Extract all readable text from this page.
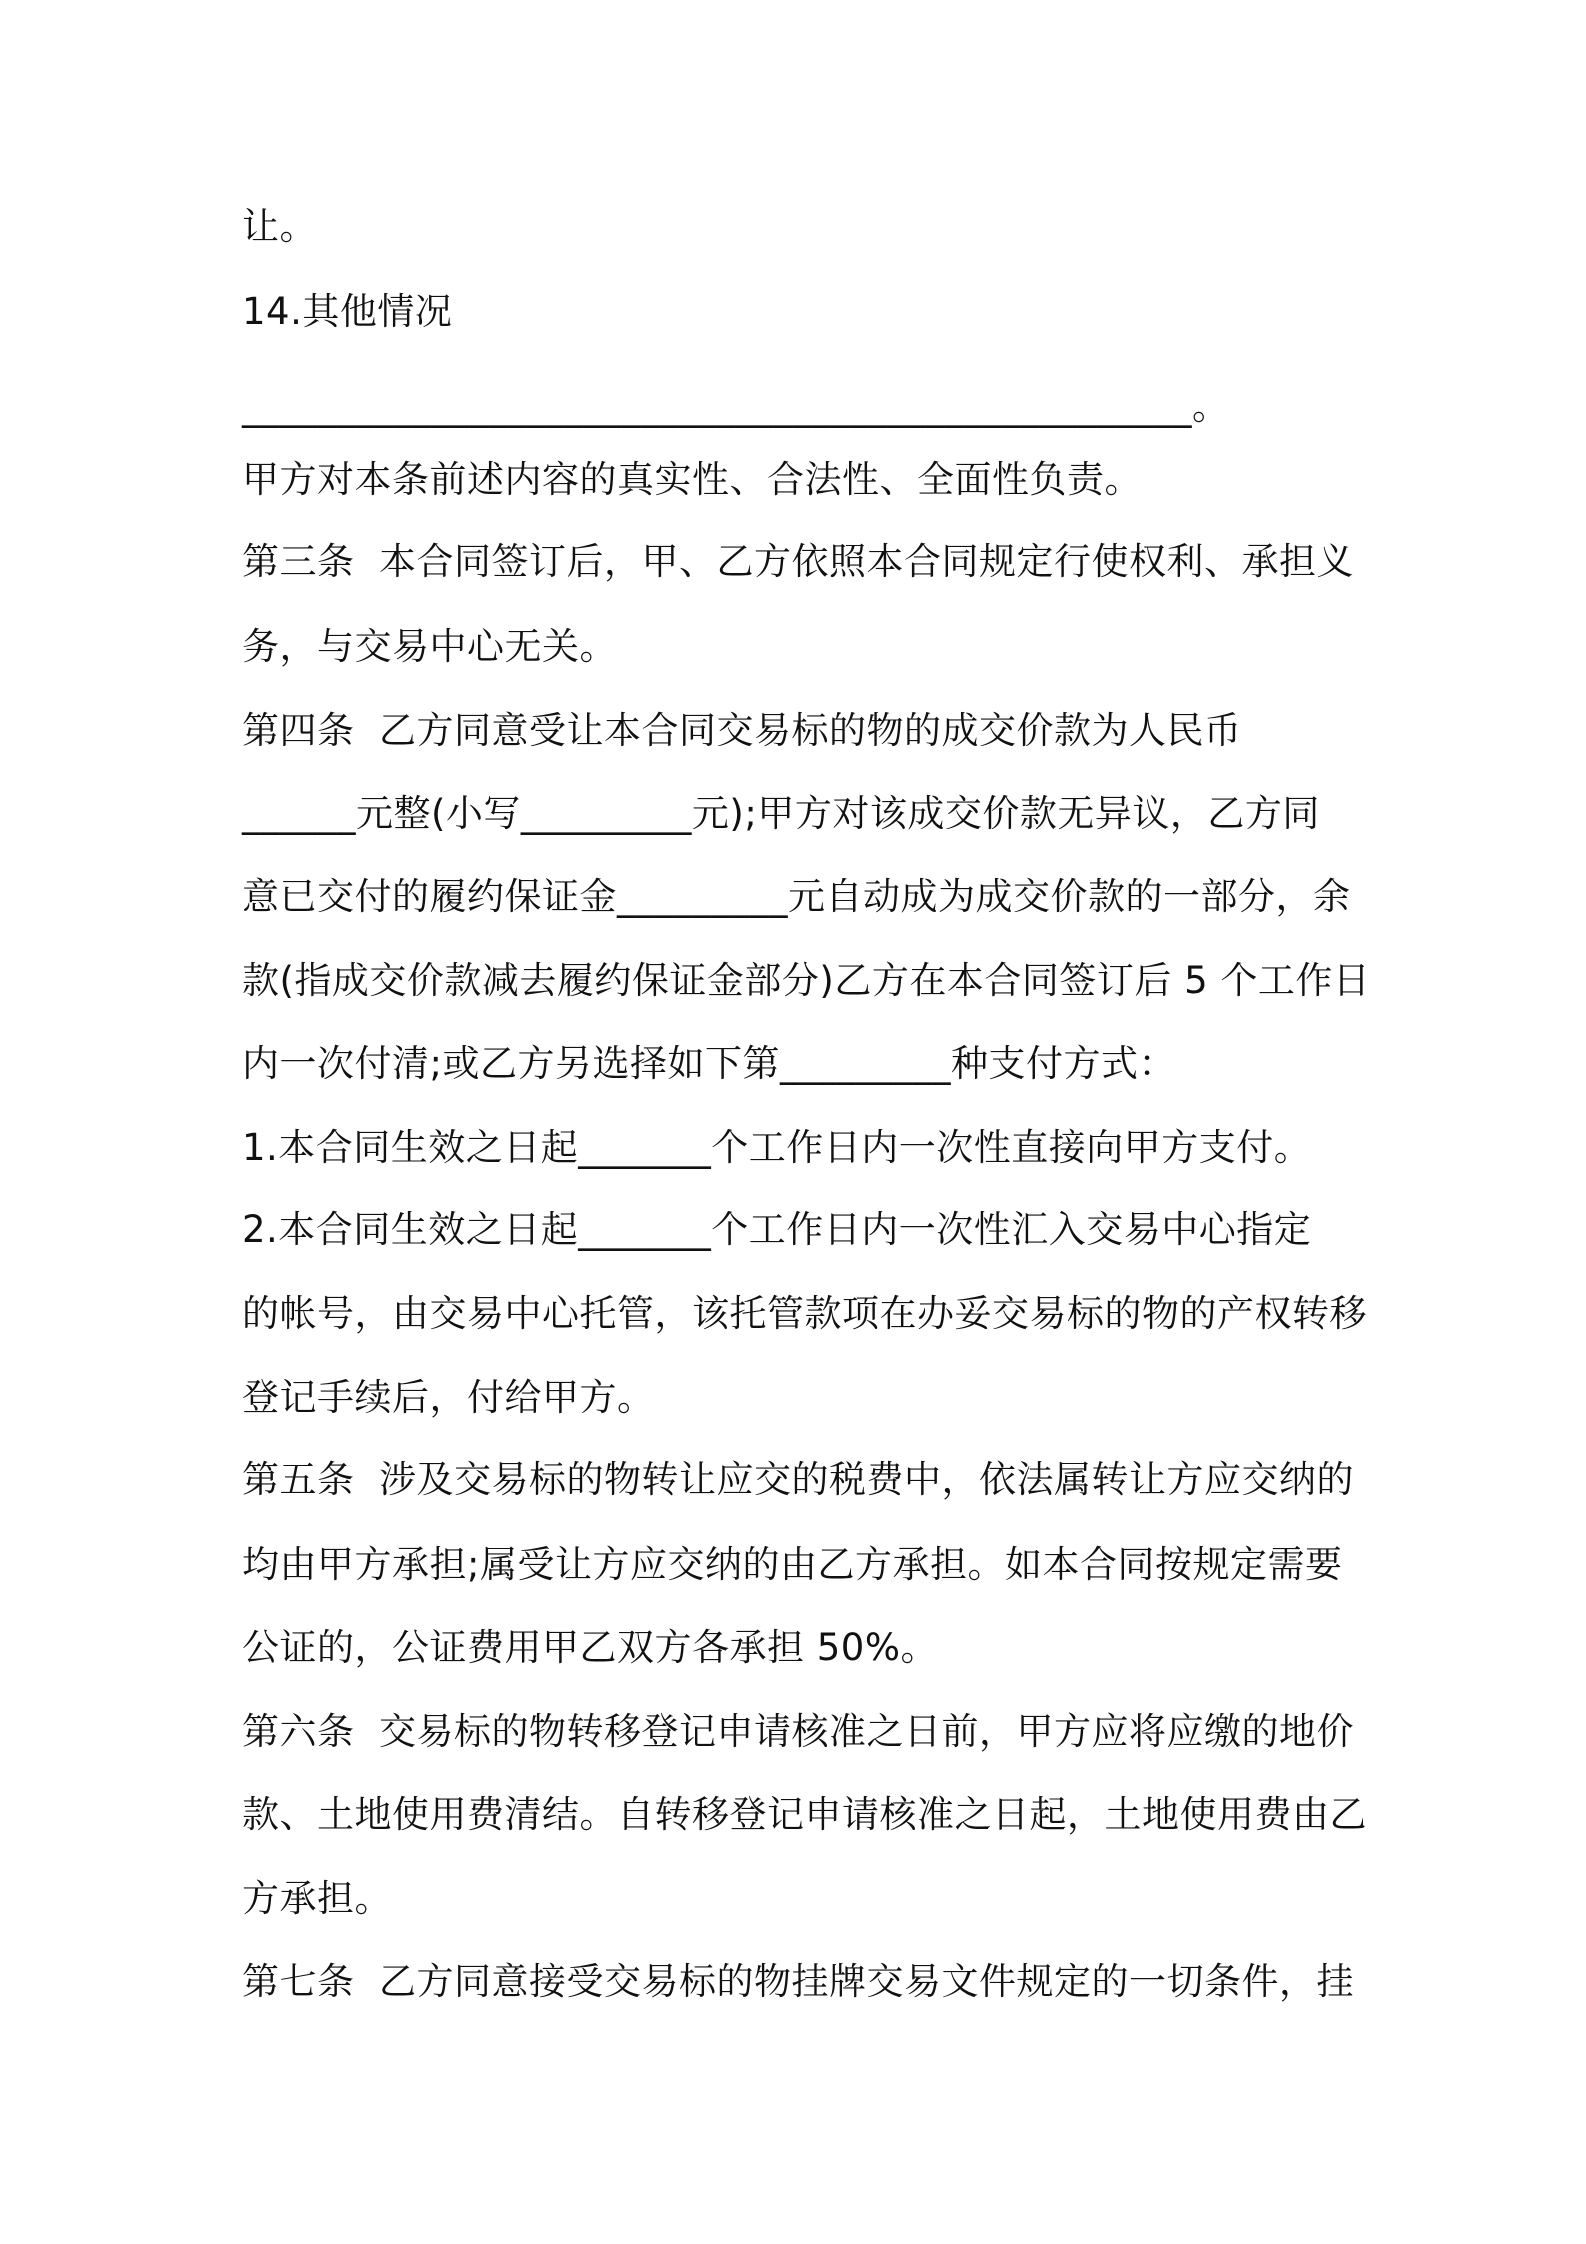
让。
14.其他情况
__________________________________________________。
甲方对本条前述内容的真实性、合法性、全面性负责。
第三条  本合同签订后，甲、乙方依照本合同规定行使权利、承担义
务，与交易中心无关。
第四条  乙方同意受让本合同交易标的物的成交价款为人民币
______元整(小写_________元);甲方对该成交价款无异议，乙方同
意已交付的履约保证金_________元自动成为成交价款的一部分，余
款(指成交价款减去履约保证金部分)乙方在本合同签订后 5 个工作日
内一次付清;或乙方另选择如下第_________种支付方式：
1.本合同生效之日起_______个工作日内一次性直接向甲方支付。
2.本合同生效之日起_______个工作日内一次性汇入交易中心指定
的帐号，由交易中心托管，该托管款项在办妥交易标的物的产权转移
登记手续后，付给甲方。
第五条  涉及交易标的物转让应交的税费中，依法属转让方应交纳的
均由甲方承担;属受让方应交纳的由乙方承担。如本合同按规定需要
公证的，公证费用甲乙双方各承担 50%。
第六条  交易标的物转移登记申请核准之日前，甲方应将应缴的地价
款、土地使用费清结。自转移登记申请核准之日起，土地使用费由乙
方承担。
第七条  乙方同意接受交易标的物挂牌交易文件规定的一切条件，挂
